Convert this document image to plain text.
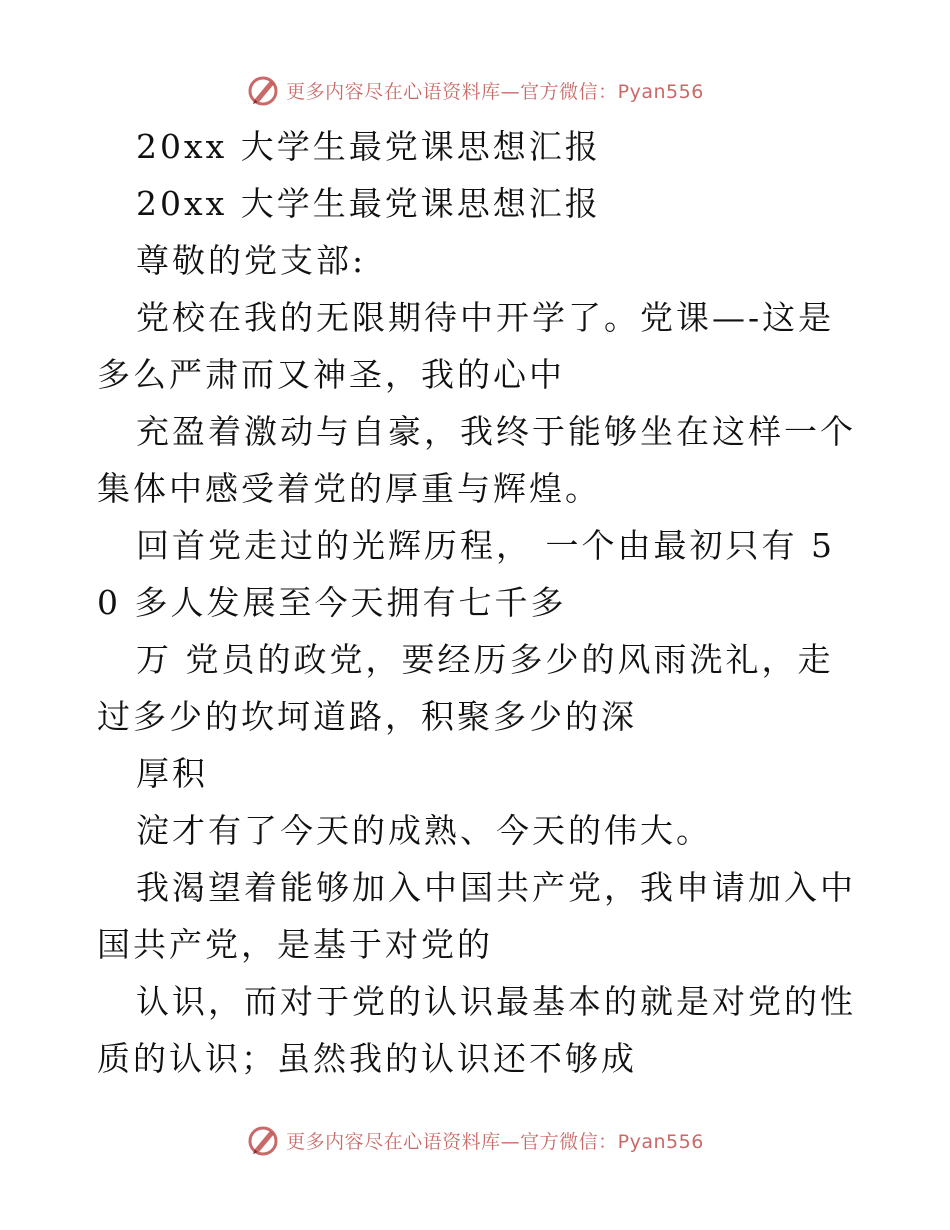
更多内容尽在心语资料库—官方微信：Pyan556

20xx 大学生最党课思想汇报

20xx 大学生最党课思想汇报

尊敬的党支部:

党校在我的无限期待中开学了。党课—-这是多么严肃而又神圣，我的心中

充盈着激动与自豪，我终于能够坐在这样一个集体中感受着党的厚重与辉煌。

回首党走过的光辉历程， 一个由最初只有 50 多人发展至今天拥有七千多

万 党员的政党，要经历多少的风雨洗礼，走过多少的坎坷道路，积聚多少的深

厚积

淀才有了今天的成熟、今天的伟大。

我渴望着能够加入中国共产党，我申请加入中国共产党，是基于对党的

认识，而对于党的认识最基本的就是对党的性质的认识；虽然我的认识还不够成

更多内容尽在心语资料库—官方微信：Pyan556
